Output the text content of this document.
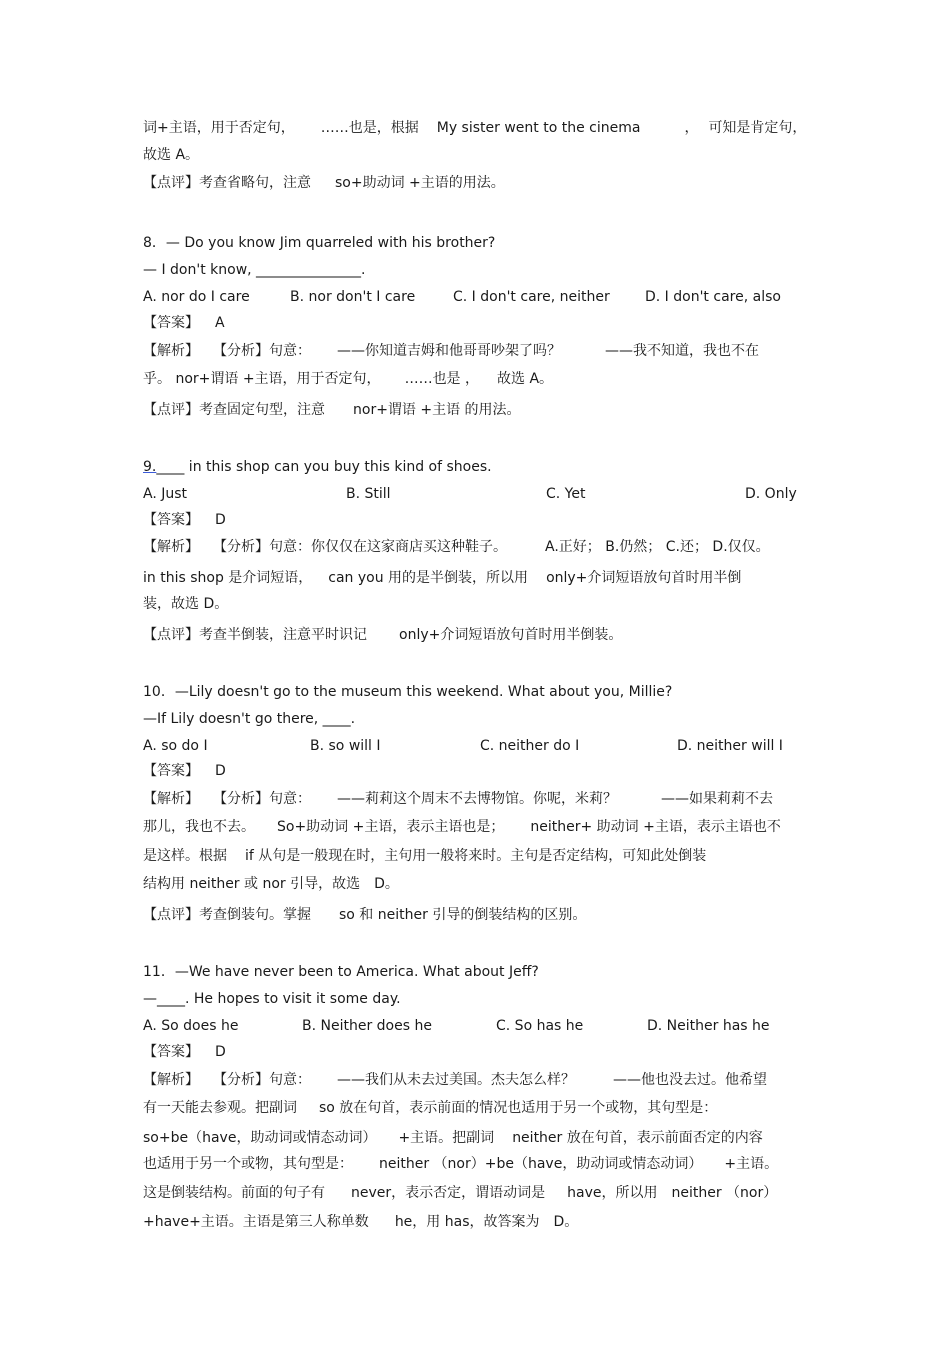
词+主语，用于否定句， ……也是，根据 My sister went to the cinema	， 可知是肯定句，
故选 A。
【点评】考查省略句，注意 so+助动词 +主语的用法。
8．— Do you know Jim quarreled with his brother?
— I don't know, _______________.
A. nor do I care	B. nor don't I care	C. I don't care, neither	D. I don't care, also
【答案】 A
【解析】 【分析】句意： ——你知道吉姆和他哥哥吵架了吗？	——我不知道，我也不在
乎。 nor+谓语 +主语，用于否定句， ……也是 ， 故选 A。
【点评】考查固定句型，注意 nor+谓语 +主语 的用法。
9.____ in this shop can you buy this kind of shoes.
A. Just	B. Still	C. Yet	D. Only
【答案】 D
【解析】 【分析】句意：你仅仅在这家商店买这种鞋子。	A.正好； B.仍然； C.还； D.仅仅。
in this shop 是介词短语， can you 用的是半倒装，所以用 only+介词短语放句首时用半倒
装，故选 D。
【点评】考查半倒装，注意平时识记 only+介词短语放句首时用半倒装。
10．—Lily doesn't go to the museum this weekend. What about you, Millie?
—If Lily doesn't go there, ____.
A. so do I	B. so will I	C. neither do I	D. neither will I
【答案】 D
【解析】 【分析】句意： ——莉莉这个周末不去博物馆。你呢，米莉？	——如果莉莉不去
那儿，我也不去。 So+助动词 +主语，表示主语也是； neither+ 助动词 +主语，表示主语也不
是这样。根据 if 从句是一般现在时，主句用一般将来时。主句是否定结构，可知此处倒装
结构用 neither 或 nor 引导，故选 D。
【点评】考查倒装句。掌握 so 和 neither 引导的倒装结构的区别。
11．—We have never been to America. What about Jeff?
—____. He hopes to visit it some day.
A. So does he	B. Neither does he	C. So has he	D. Neither has he
【答案】 D
【解析】 【分析】句意： ——我们从未去过美国。杰夫怎么样？	——他也没去过。他希望
有一天能去参观。把副词 so 放在句首，表示前面的情况也适用于另一个或物，其句型是：
so+be（have，助动词或情态动词） +主语。把副词 neither 放在句首，表示前面否定的内容
也适用于另一个或物，其句型是： neither （nor）+be（have，助动词或情态动词） +主语。
这是倒装结构。前面的句子有 never，表示否定，谓语动词是 have，所以用 neither （nor）
+have+主语。主语是第三人称单数 he，用 has，故答案为 D。
